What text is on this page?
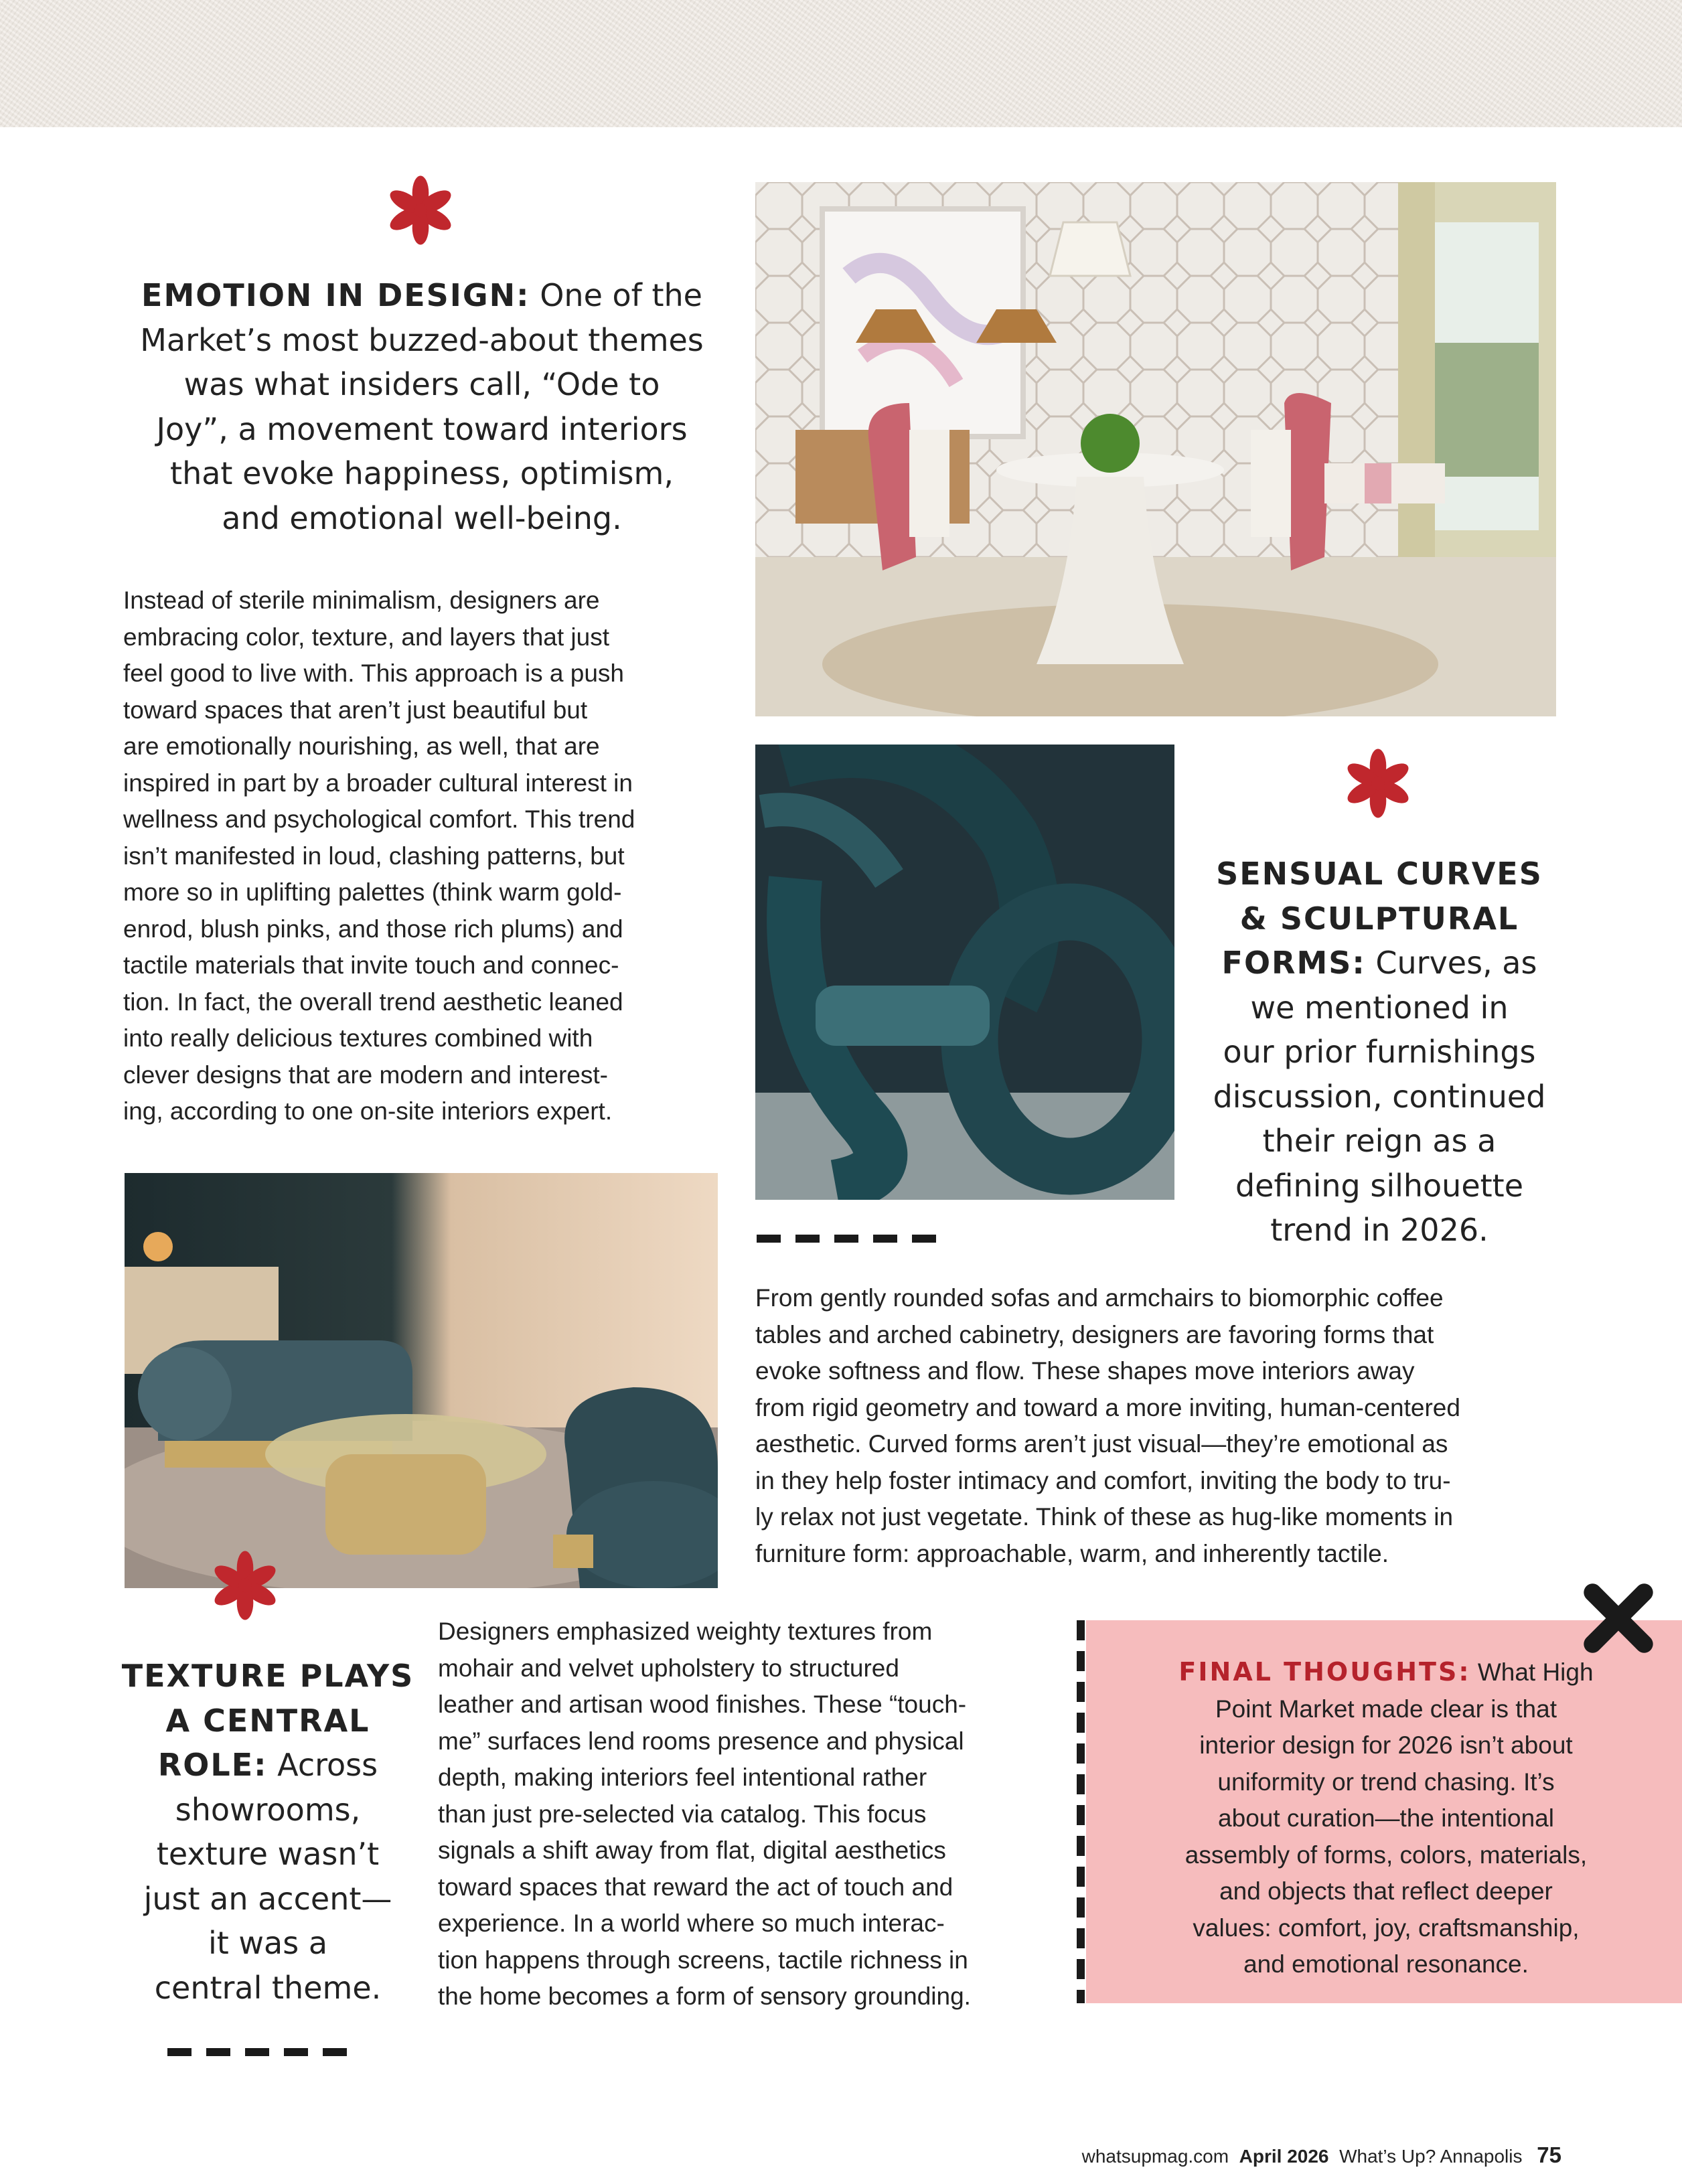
EMOTION IN DESIGN: One of the
Market’s most buzzed-about themes
was what insiders call, “Ode to
Joy”, a movement toward interiors
that evoke happiness, optimism,
and emotional well-being.

Instead of sterile minimalism, designers are
embracing color, texture, and layers that just
feel good to live with. This approach is a push
toward spaces that aren’t just beautiful but
are emotionally nourishing, as well, that are
inspired in part by a broader cultural interest in
wellness and psychological comfort. This trend
isn’t manifested in loud, clashing patterns, but
more so in uplifting palettes (think warm gold-
enrod, blush pinks, and those rich plums) and
tactile materials that invite touch and connec-
tion. In fact, the overall trend aesthetic leaned
into really delicious textures combined with
clever designs that are modern and interest-
ing, according to one on-site interiors expert.

SENSUAL CURVES
& SCULPTURAL
FORMS: Curves, as
we mentioned in
our prior furnishings
discussion, continued
their reign as a
defining silhouette
trend in 2026.

From gently rounded sofas and armchairs to biomorphic coffee
tables and arched cabinetry, designers are favoring forms that
evoke softness and flow. These shapes move interiors away
from rigid geometry and toward a more inviting, human-centered
aesthetic. Curved forms aren’t just visual—they’re emotional as
in they help foster intimacy and comfort, inviting the body to tru-
ly relax not just vegetate. Think of these as hug-like moments in
furniture form: approachable, warm, and inherently tactile.

TEXTURE PLAYS
A CENTRAL
ROLE: Across
showrooms,
texture wasn’t
just an accent—
it was a
central theme.

Designers emphasized weighty textures from
mohair and velvet upholstery to structured
leather and artisan wood finishes. These “touch-
me” surfaces lend rooms presence and physical
depth, making interiors feel intentional rather
than just pre-selected via catalog. This focus
signals a shift away from flat, digital aesthetics
toward spaces that reward the act of touch and
experience. In a world where so much interac-
tion happens through screens, tactile richness in
the home becomes a form of sensory grounding.

FINAL THOUGHTS: What High
Point Market made clear is that
interior design for 2026 isn’t about
uniformity or trend chasing. It’s
about curation—the intentional
assembly of forms, colors, materials,
and objects that reflect deeper
values: comfort, joy, craftsmanship,
and emotional resonance.
whatsupmag.com April 2026 What’s Up? Annapolis 75
